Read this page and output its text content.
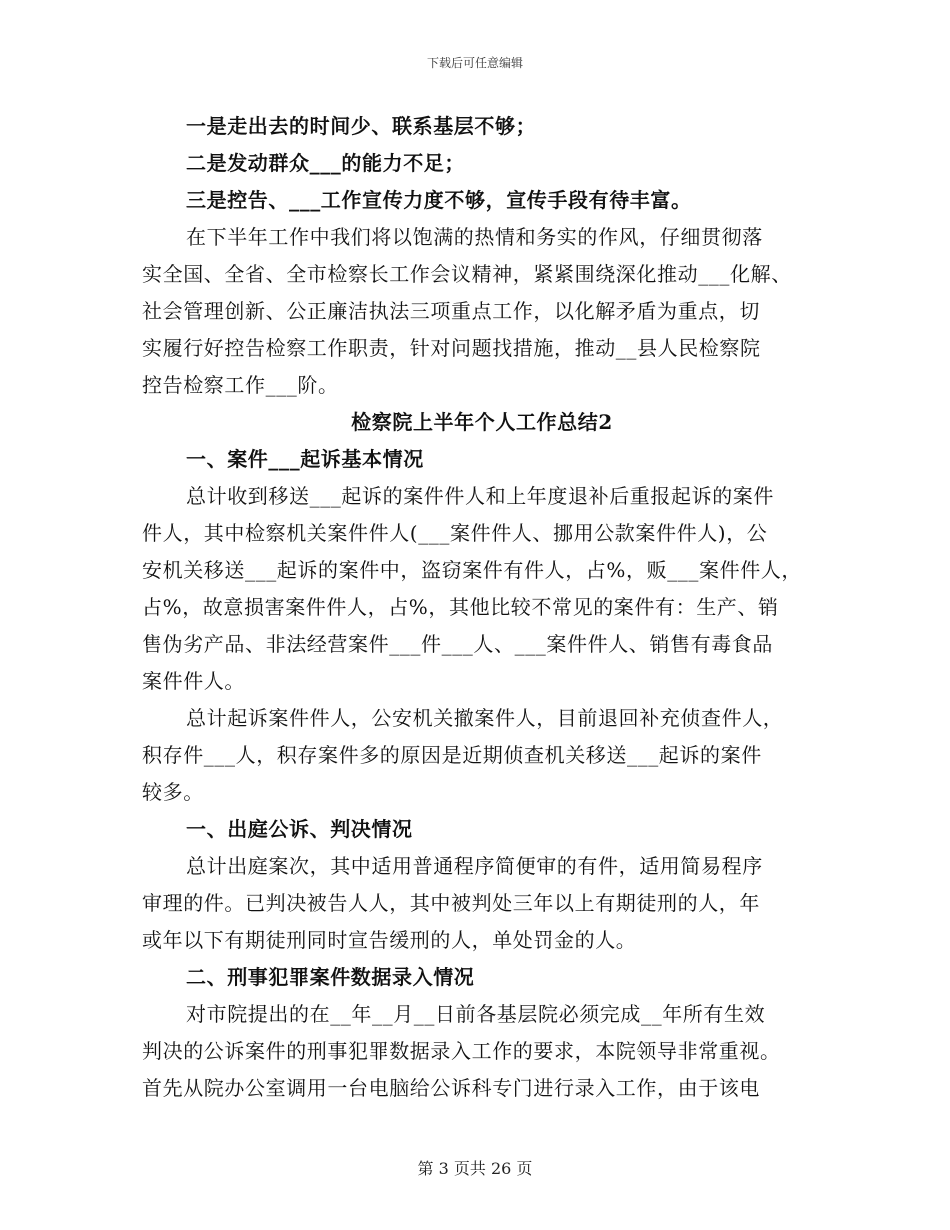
下载后可任意编辑
一是走出去的时间少、联系基层不够；
二是发动群众___的能力不足；
三是控告、___工作宣传力度不够，宣传手段有待丰富。
在下半年工作中我们将以饱满的热情和务实的作风，仔细贯彻落
实全国、全省、全市检察长工作会议精神，紧紧围绕深化推动___化解、
社会管理创新、公正廉洁执法三项重点工作，以化解矛盾为重点，切
实履行好控告检察工作职责，针对问题找措施，推动__县人民检察院
控告检察工作___阶。
检察院上半年个人工作总结2
一、案件___起诉基本情况
总计收到移送___起诉的案件件人和上年度退补后重报起诉的案件
件人，其中检察机关案件件人(___案件件人、挪用公款案件件人)，公
安机关移送___起诉的案件中，盗窃案件有件人，占%，贩___案件件人，
占%，故意损害案件件人，占%，其他比较不常见的案件有：生产、销
售伪劣产品、非法经营案件___件___人、___案件件人、销售有毒食品
案件件人。
总计起诉案件件人，公安机关撤案件人，目前退回补充侦查件人，
积存件___人，积存案件多的原因是近期侦查机关移送___起诉的案件
较多。
一、出庭公诉、判决情况
总计出庭案次，其中适用普通程序简便审的有件，适用简易程序
审理的件。已判决被告人人，其中被判处三年以上有期徒刑的人，年
或年以下有期徒刑同时宣告缓刑的人，单处罚金的人。
二、刑事犯罪案件数据录入情况
对市院提出的在__年__月__日前各基层院必须完成__年所有生效
判决的公诉案件的刑事犯罪数据录入工作的要求，本院领导非常重视。
首先从院办公室调用一台电脑给公诉科专门进行录入工作，由于该电
第 3 页共 26 页
